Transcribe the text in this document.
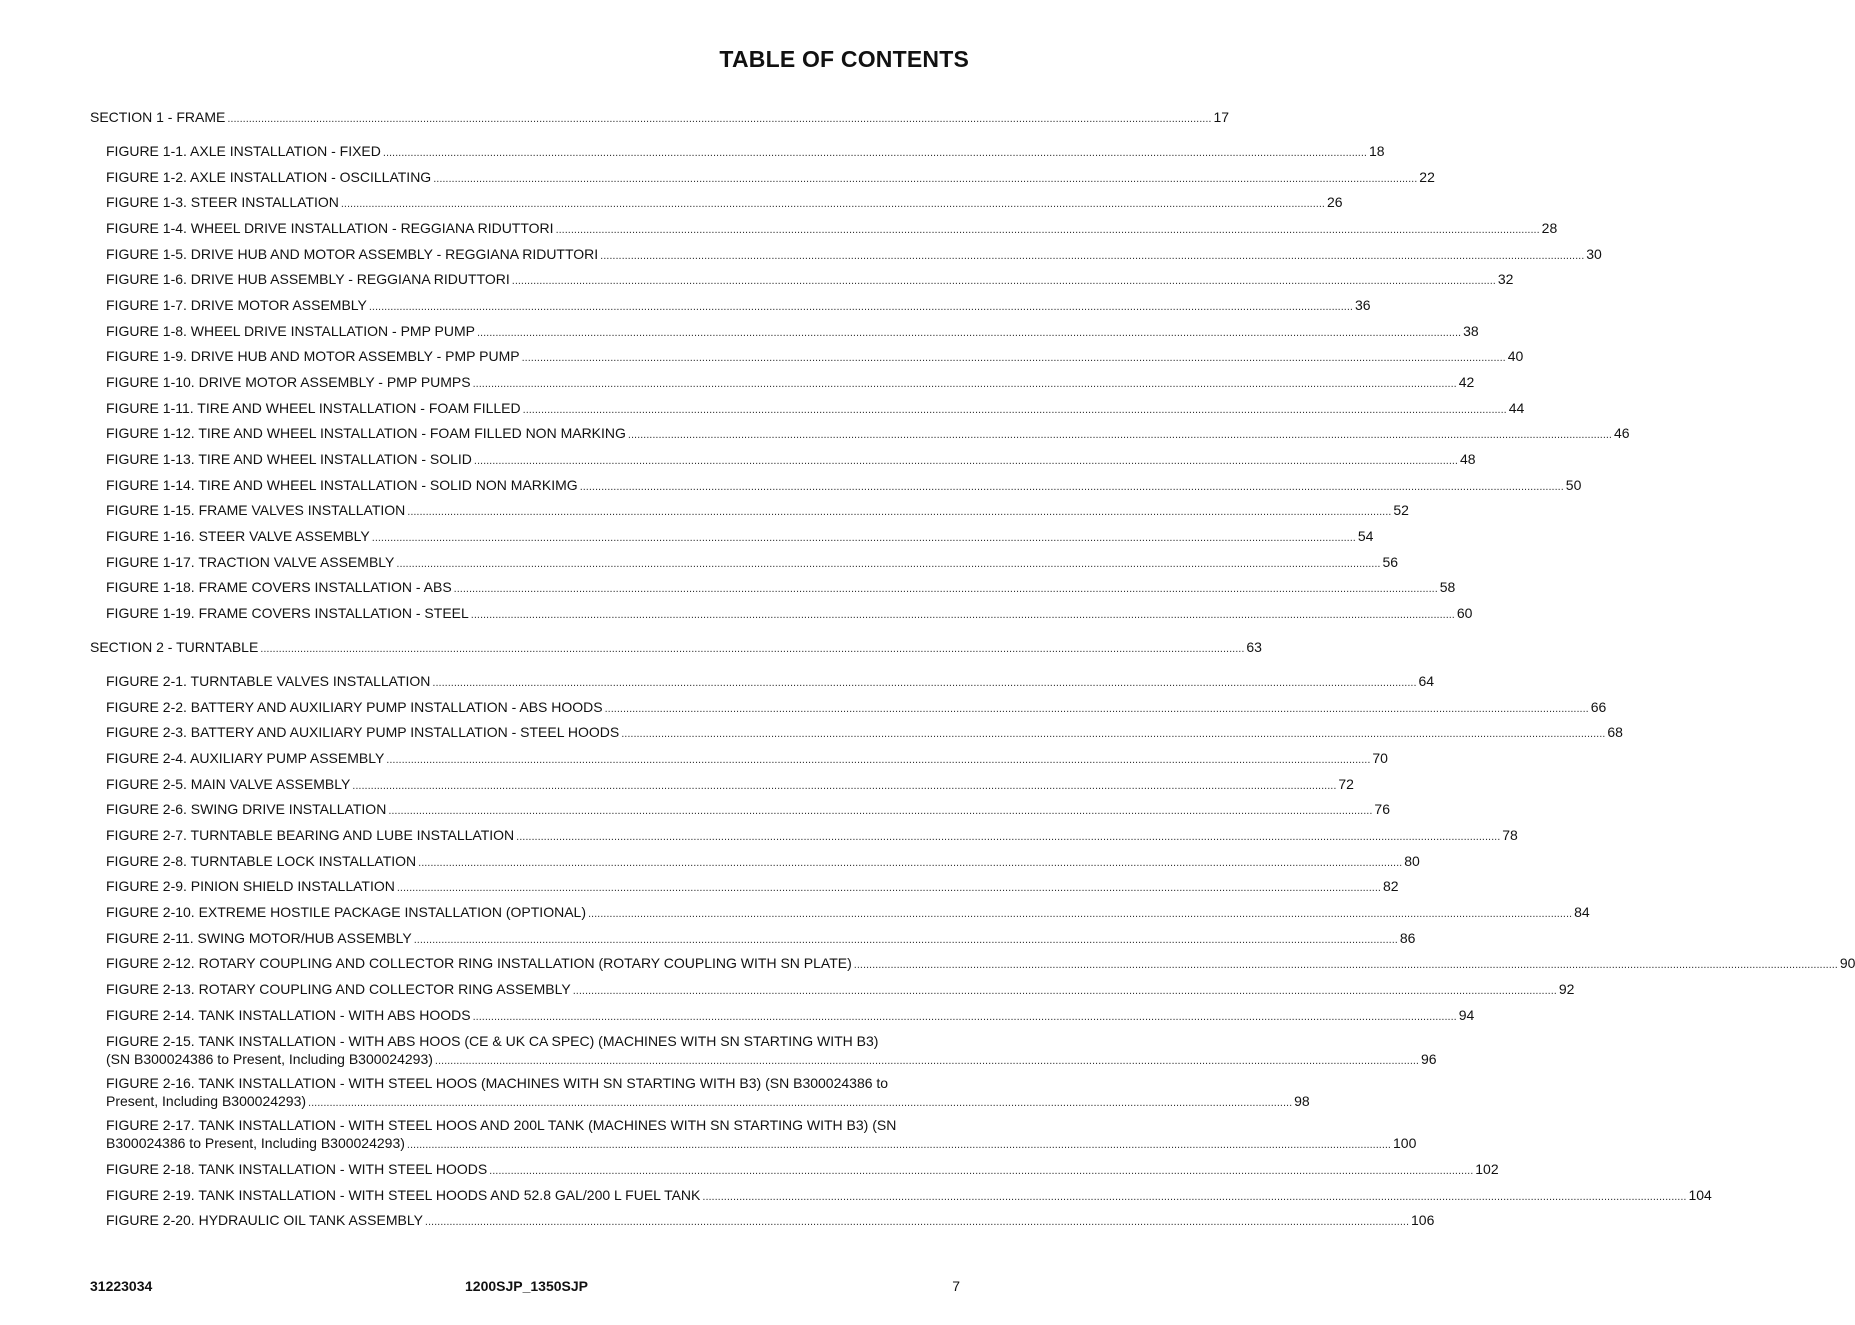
TABLE OF CONTENTS
SECTION 1 - FRAME .....	17
FIGURE 1-1. AXLE INSTALLATION - FIXED .....	18
FIGURE 1-2. AXLE INSTALLATION - OSCILLATING .....	22
FIGURE 1-3. STEER INSTALLATION .....	26
FIGURE 1-4. WHEEL DRIVE INSTALLATION - REGGIANA RIDUTTORI .....	28
FIGURE 1-5. DRIVE HUB AND MOTOR ASSEMBLY - REGGIANA RIDUTTORI .....	30
FIGURE 1-6. DRIVE HUB ASSEMBLY - REGGIANA RIDUTTORI .....	32
FIGURE 1-7. DRIVE MOTOR ASSEMBLY .....	36
FIGURE 1-8. WHEEL DRIVE INSTALLATION - PMP PUMP .....	38
FIGURE 1-9. DRIVE HUB AND MOTOR ASSEMBLY - PMP PUMP .....	40
FIGURE 1-10. DRIVE MOTOR ASSEMBLY - PMP PUMPS .....	42
FIGURE 1-11. TIRE AND WHEEL INSTALLATION - FOAM FILLED .....	44
FIGURE 1-12. TIRE AND WHEEL INSTALLATION - FOAM FILLED NON MARKING .....	46
FIGURE 1-13. TIRE AND WHEEL INSTALLATION - SOLID .....	48
FIGURE 1-14. TIRE AND WHEEL INSTALLATION - SOLID NON MARKIMG .....	50
FIGURE 1-15. FRAME VALVES INSTALLATION .....	52
FIGURE 1-16. STEER VALVE ASSEMBLY .....	54
FIGURE 1-17. TRACTION VALVE ASSEMBLY .....	56
FIGURE 1-18. FRAME COVERS INSTALLATION - ABS .....	58
FIGURE 1-19. FRAME COVERS INSTALLATION - STEEL .....	60
SECTION 2 - TURNTABLE .....	63
FIGURE 2-1. TURNTABLE VALVES INSTALLATION .....	64
FIGURE 2-2. BATTERY AND AUXILIARY PUMP INSTALLATION - ABS HOODS .....	66
FIGURE 2-3. BATTERY AND AUXILIARY PUMP INSTALLATION - STEEL HOODS .....	68
FIGURE 2-4. AUXILIARY PUMP ASSEMBLY .....	70
FIGURE 2-5. MAIN VALVE ASSEMBLY .....	72
FIGURE 2-6. SWING DRIVE INSTALLATION .....	76
FIGURE 2-7. TURNTABLE BEARING AND LUBE INSTALLATION .....	78
FIGURE 2-8. TURNTABLE LOCK INSTALLATION .....	80
FIGURE 2-9. PINION SHIELD INSTALLATION .....	82
FIGURE 2-10. EXTREME HOSTILE PACKAGE INSTALLATION (OPTIONAL) .....	84
FIGURE 2-11. SWING MOTOR/HUB ASSEMBLY .....	86
FIGURE 2-12. ROTARY COUPLING AND COLLECTOR RING INSTALLATION (ROTARY COUPLING WITH SN PLATE) .....	90
FIGURE 2-13. ROTARY COUPLING AND COLLECTOR RING ASSEMBLY .....	92
FIGURE 2-14. TANK INSTALLATION - WITH ABS HOODS .....	94
FIGURE 2-15. TANK INSTALLATION - WITH ABS HOOS (CE & UK CA SPEC) (MACHINES WITH SN STARTING WITH B3)
(SN B300024386 to Present, Including B300024293) .....	96
FIGURE 2-16. TANK INSTALLATION - WITH STEEL HOOS (MACHINES WITH SN STARTING WITH B3) (SN B300024386 to
Present, Including B300024293) .....	98
FIGURE 2-17. TANK INSTALLATION - WITH STEEL HOOS AND 200L TANK (MACHINES WITH SN STARTING WITH B3) (SN
B300024386 to Present, Including B300024293) .....	100
FIGURE 2-18. TANK INSTALLATION - WITH STEEL HOODS .....	102
FIGURE 2-19. TANK INSTALLATION - WITH STEEL HOODS AND 52.8 GAL/200 L FUEL TANK .....	104
FIGURE 2-20. HYDRAULIC OIL TANK ASSEMBLY .....	106
31223034	1200SJP_1350SJP	7
